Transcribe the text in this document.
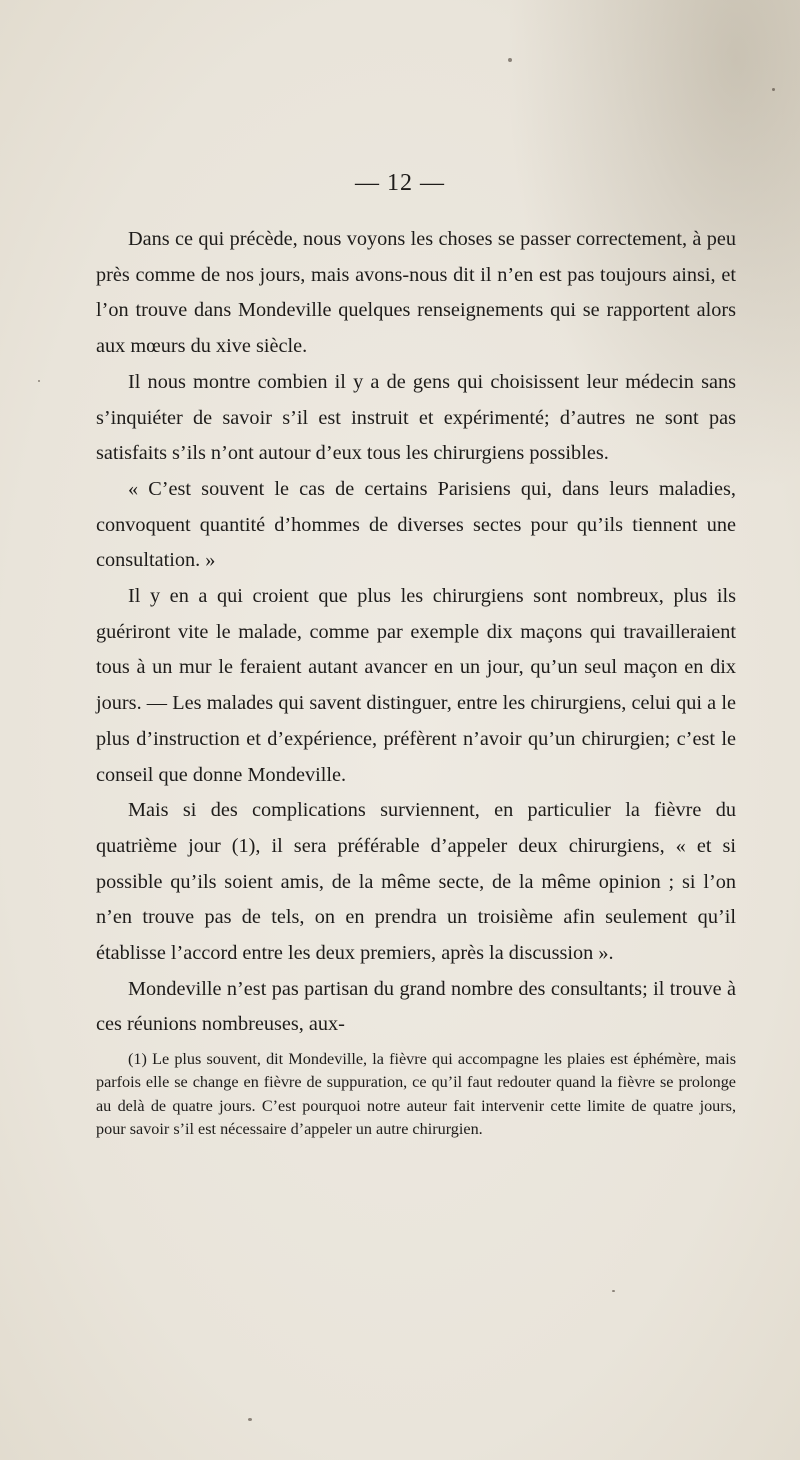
— 12 —

Dans ce qui précède, nous voyons les choses se passer correctement, à peu près comme de nos jours, mais avons-nous dit il n’en est pas toujours ainsi, et l’on trouve dans Mondeville quelques renseignements qui se rapportent alors aux mœurs du xive siècle.

Il nous montre combien il y a de gens qui choisissent leur médecin sans s’inquiéter de savoir s’il est instruit et expérimenté; d’autres ne sont pas satisfaits s’ils n’ont autour d’eux tous les chirurgiens possibles.

« C’est souvent le cas de certains Parisiens qui, dans leurs maladies, convoquent quantité d’hommes de diverses sectes pour qu’ils tiennent une consultation. »

Il y en a qui croient que plus les chirurgiens sont nombreux, plus ils guériront vite le malade, comme par exemple dix maçons qui travailleraient tous à un mur le feraient autant avancer en un jour, qu’un seul maçon en dix jours. — Les malades qui savent distinguer, entre les chirurgiens, celui qui a le plus d’instruction et d’expérience, préfèrent n’avoir qu’un chirurgien; c’est le conseil que donne Mondeville.

Mais si des complications surviennent, en particulier la fièvre du quatrième jour (1), il sera préférable d’appeler deux chirurgiens, « et si possible qu’ils soient amis, de la même secte, de la même opinion ; si l’on n’en trouve pas de tels, on en prendra un troisième afin seulement qu’il établisse l’accord entre les deux premiers, après la discussion ».

Mondeville n’est pas partisan du grand nombre des consultants; il trouve à ces réunions nombreuses, aux-

(1) Le plus souvent, dit Mondeville, la fièvre qui accompagne les plaies est éphémère, mais parfois elle se change en fièvre de suppuration, ce qu’il faut redouter quand la fièvre se prolonge au delà de quatre jours. C’est pourquoi notre auteur fait intervenir cette limite de quatre jours, pour savoir s’il est nécessaire d’appeler un autre chirurgien.
